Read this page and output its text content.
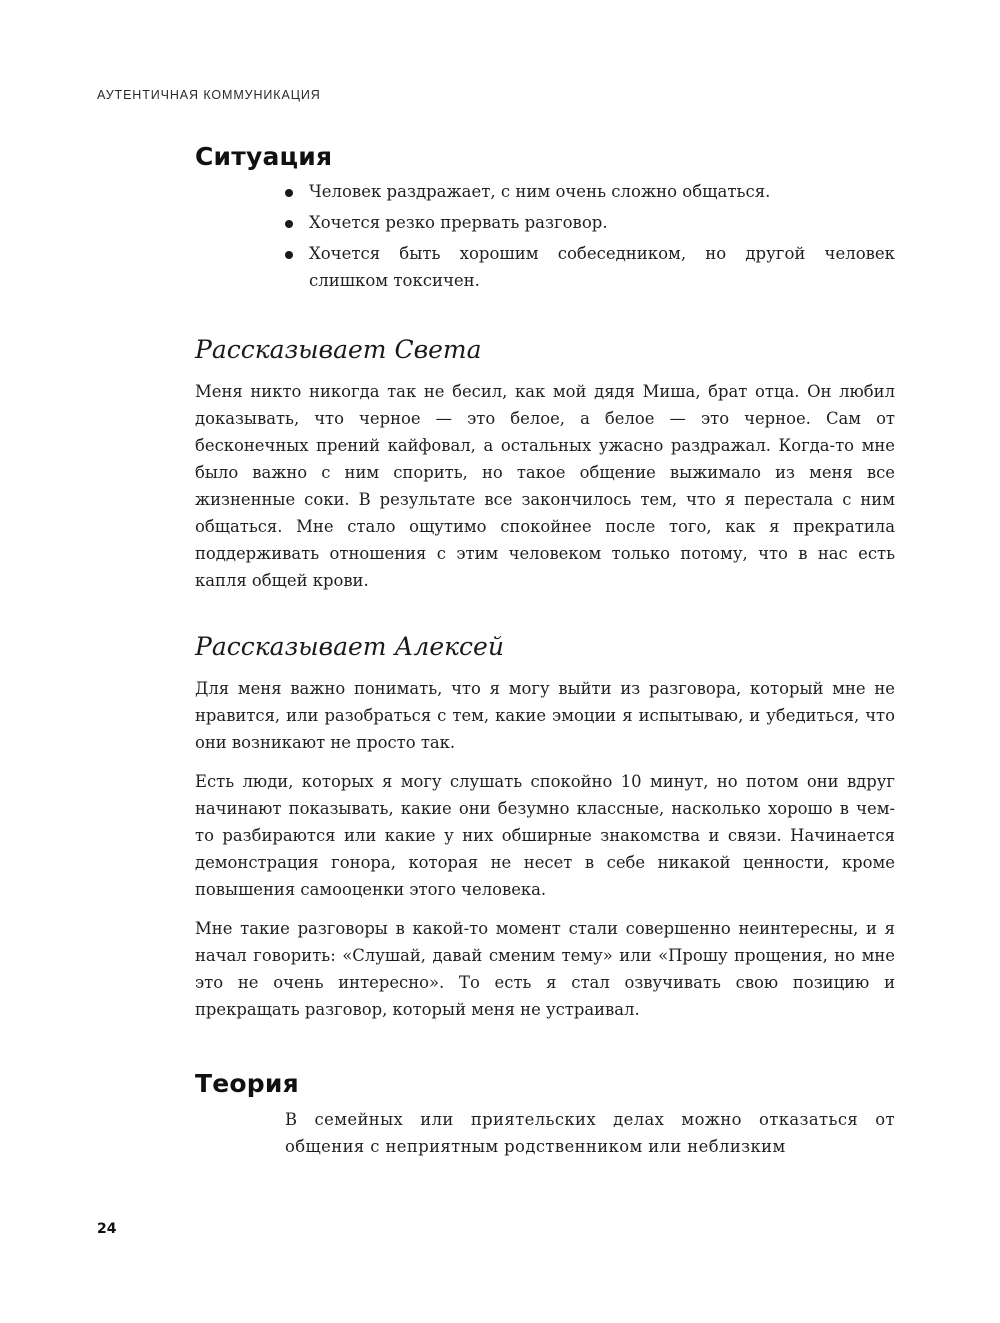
АУТЕНТИЧНАЯ КОММУНИКАЦИЯ
Ситуация
Человек раздражает, с ним очень сложно общаться.
Хочется резко прервать разговор.
Хочется быть хорошим собеседником, но другой человек слишком токсичен.
Рассказывает Света

Меня никто никогда так не бесил, как мой дядя Миша, брат отца. Он любил доказывать, что черное — это белое, а белое — это черное. Сам от бесконечных прений кайфовал, а остальных ужасно раздражал. Когда-то мне было важно с ним спорить, но такое общение выжимало из меня все жизненные соки. В результате все закончилось тем, что я перестала с ним общаться. Мне стало ощутимо спокойнее после того, как я прекратила поддерживать отношения с этим человеком только потому, что в нас есть капля общей крови.

Рассказывает Алексей

Для меня важно понимать, что я могу выйти из разговора, который мне не нравится, или разобраться с тем, какие эмоции я испытываю, и убедиться, что они возникают не просто так.

Есть люди, которых я могу слушать спокойно 10 минут, но потом они вдруг начинают показывать, какие они безумно классные, насколько хорошо в чем-то разбираются или какие у них обширные знакомства и связи. Начинается демонстрация гонора, которая не несет в себе никакой ценности, кроме повышения самооценки этого человека.

Мне такие разговоры в какой-то момент стали совершенно неинтересны, и я начал говорить: «Слушай, давай сменим тему» или «Прошу прощения, но мне это не очень интересно». То есть я стал озвучивать свою позицию и прекращать разговор, который меня не устраивал.

Теория

В семейных или приятельских делах можно отказаться от общения с неприятным родственником или неблизким

24
